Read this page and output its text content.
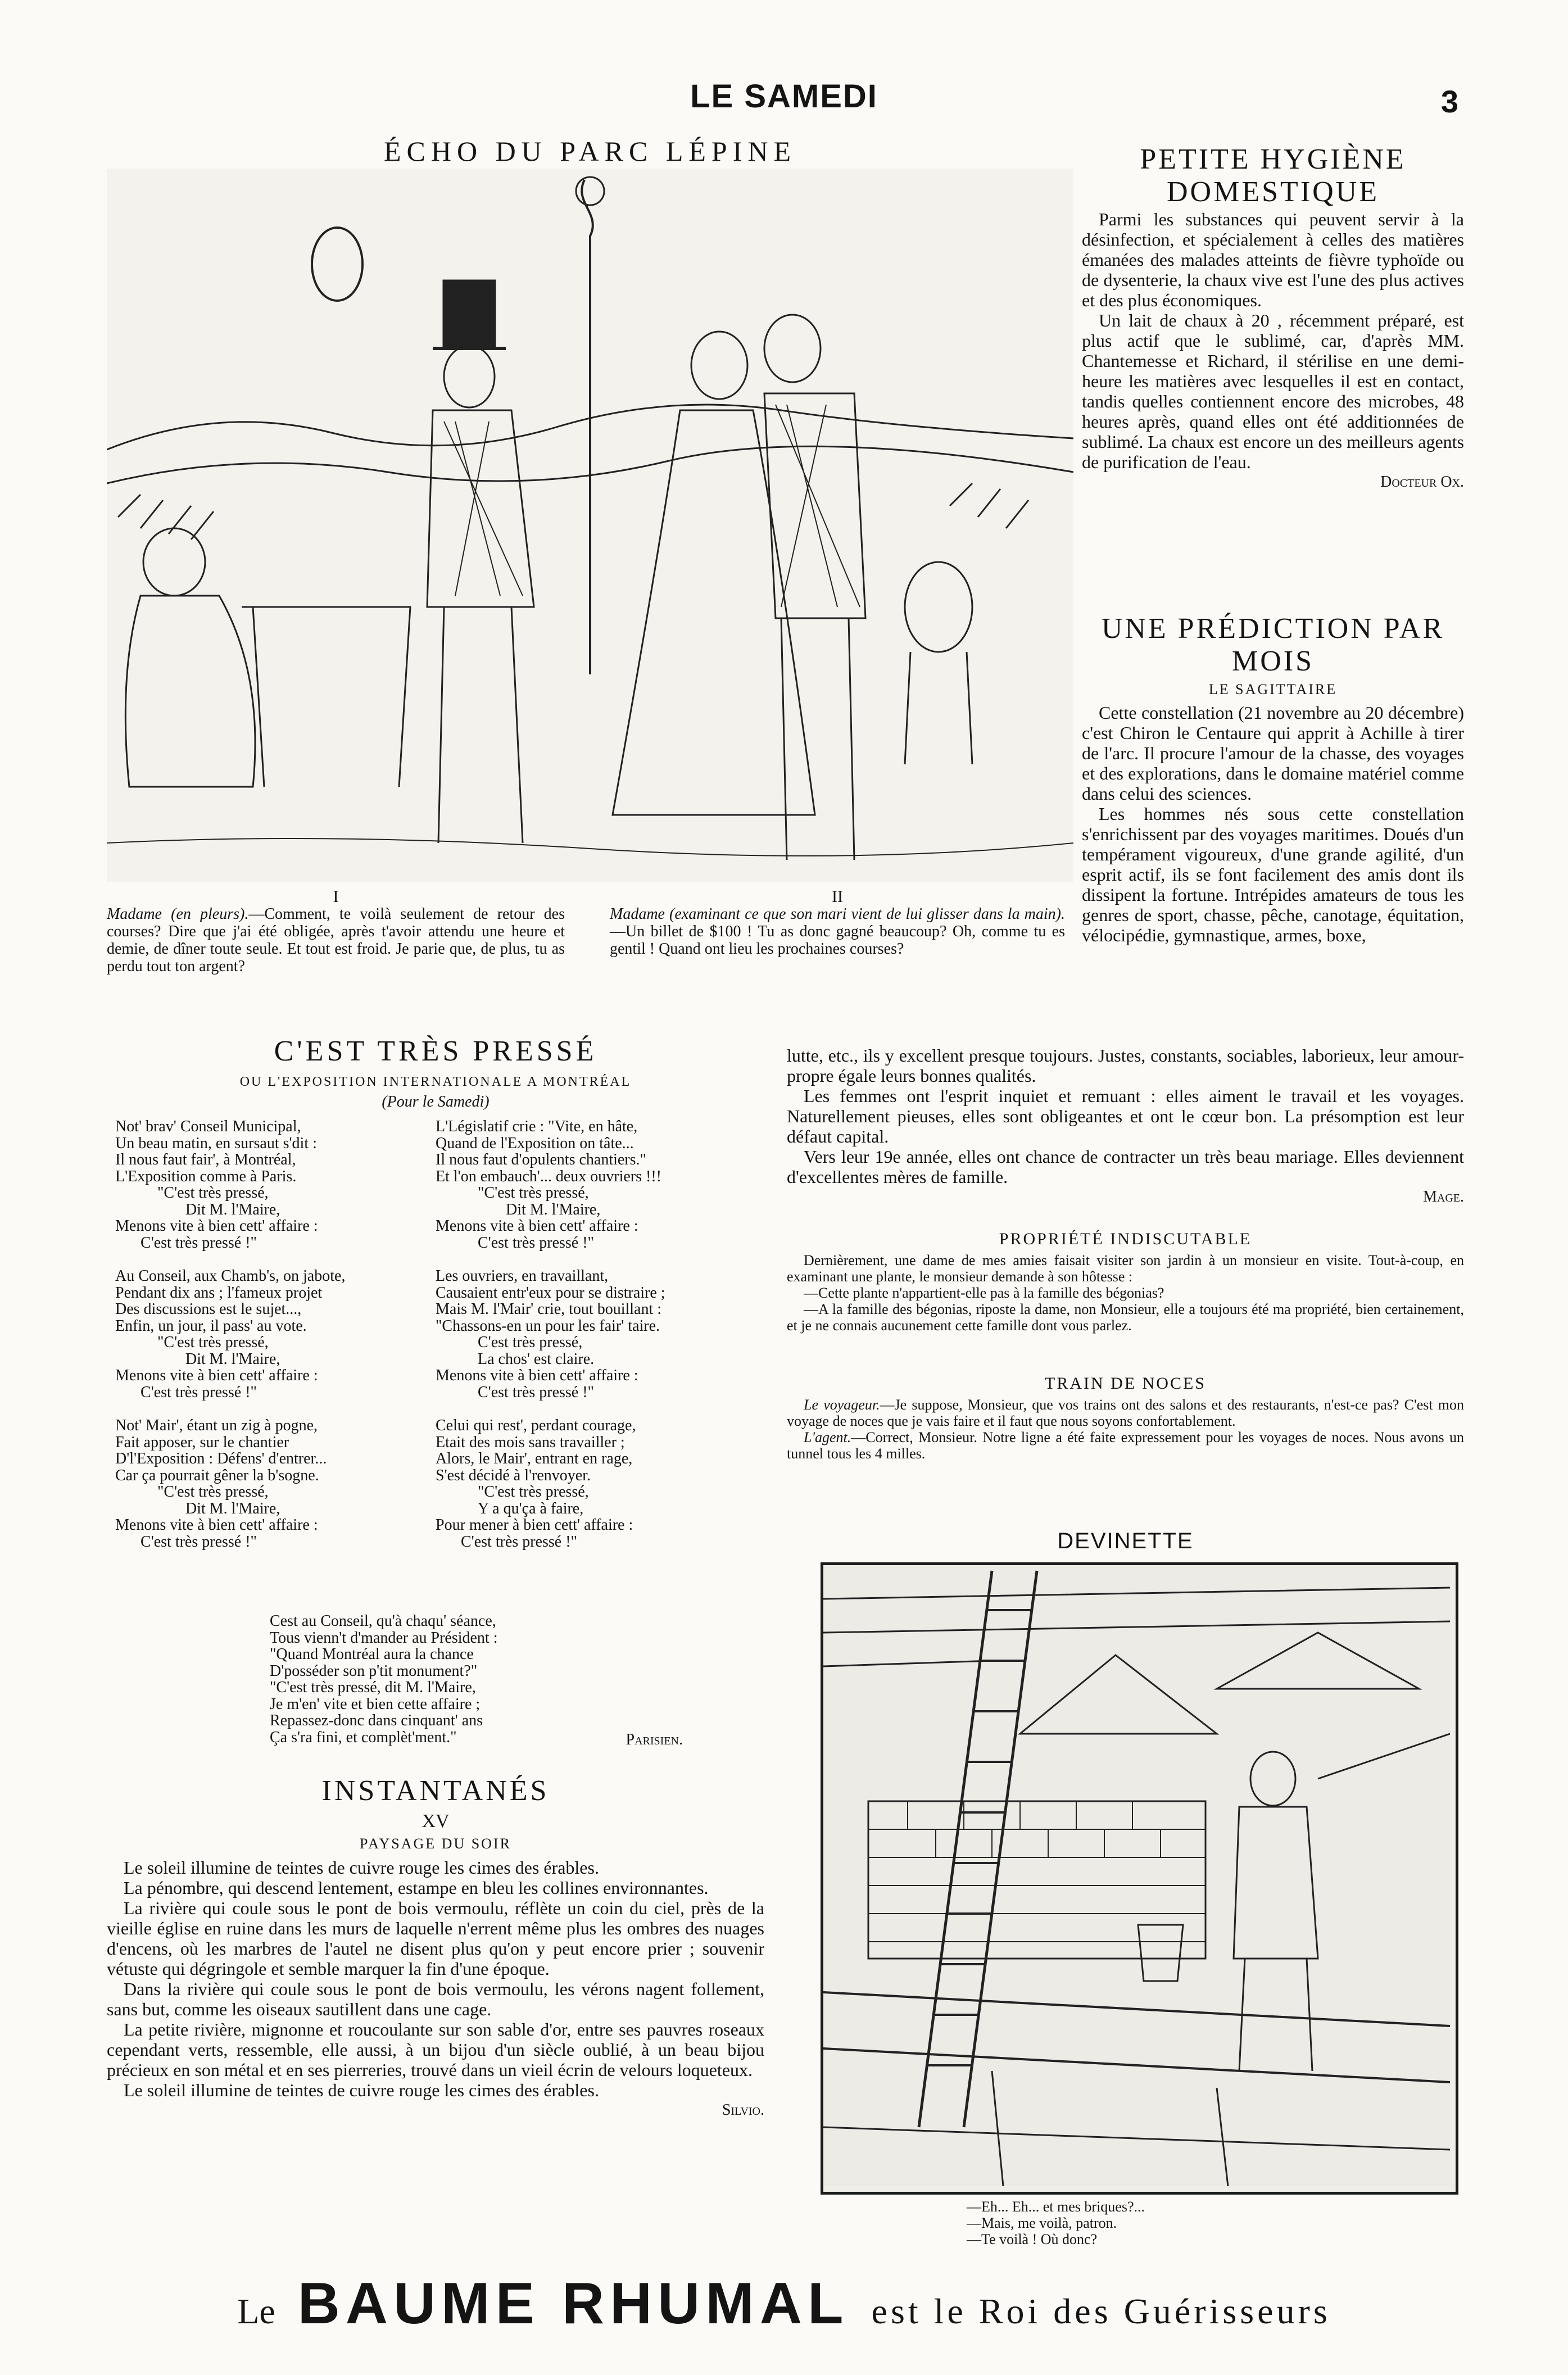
LE SAMEDI	3
ÉCHO DU PARC LÉPINE
I
Madame (en pleurs).—Comment, te voilà seulement de retour des courses? Dire que j'ai été obligée, après t'avoir attendu une heure et demie, de dîner toute seule. Et tout est froid. Je parie que, de plus, tu as perdu tout ton argent?
II
Madame (examinant ce que son mari vient de lui glisser dans la main).—Un billet de $100 ! Tu as donc gagné beaucoup? Oh, comme tu es gentil ! Quand ont lieu les prochaines courses?
PETITE HYGIÈNE
DOMESTIQUE

Parmi les substances qui peuvent servir à la désinfection, et spécialement à celles des matières émanées des malades atteints de fièvre typhoïde ou de dysenterie, la chaux vive est l'une des plus actives et des plus économiques.

Un lait de chaux à 20 , récemment préparé, est plus actif que le sublimé, car, d'après MM. Chantemesse et Richard, il stérilise en une demi-heure les matières avec lesquelles il est en contact, tandis quelles contiennent encore des microbes, 48 heures après, quand elles ont été additionnées de sublimé. La chaux est encore un des meilleurs agents de purification de l'eau.

Docteur Ox.
UNE PRÉDICTION PAR
MOIS
LE SAGITTAIRE

Cette constellation (21 novembre au 20 décembre) c'est Chiron le Centaure qui apprit à Achille à tirer de l'arc. Il procure l'amour de la chasse, des voyages et des explorations, dans le domaine matériel comme dans celui des sciences.

Les hommes nés sous cette constellation s'enrichissent par des voyages maritimes. Doués d'un tempérament vigoureux, d'une grande agilité, d'un esprit actif, ils se font facilement des amis dont ils dissipent la fortune. Intrépides amateurs de tous les genres de sport, chasse, pêche, canotage, équitation, vélocipédie, gymnastique, armes, boxe,

lutte, etc., ils y excellent presque toujours. Justes, constants, sociables, laborieux, leur amour-propre égale leurs bonnes qualités.

Les femmes ont l'esprit inquiet et remuant : elles aiment le travail et les voyages. Naturellement pieuses, elles sont obligeantes et ont le cœur bon. La présomption est leur défaut capital.

Vers leur 19e année, elles ont chance de contracter un très beau mariage. Elles deviennent d'excellentes mères de famille.

Mage.
PROPRIÉTÉ INDISCUTABLE

Dernièrement, une dame de mes amies faisait visiter son jardin à un monsieur en visite. Tout-à-coup, en examinant une plante, le monsieur demande à son hôtesse :

—Cette plante n'appartient-elle pas à la famille des bégonias?

—A la famille des bégonias, riposte la dame, non Monsieur, elle a toujours été ma propriété, bien certainement, et je ne connais aucunement cette famille dont vous parlez.

TRAIN DE NOCES

Le voyageur.—Je suppose, Monsieur, que vos trains ont des salons et des restaurants, n'est-ce pas? C'est mon voyage de noces que je vais faire et il faut que nous soyons confortablement.

L'agent.—Correct, Monsieur. Notre ligne a été faite expressement pour les voyages de noces. Nous avons un tunnel tous les 4 milles.

DEVINETTE
—Eh... Eh... et mes briques?...
—Mais, me voilà, patron.
—Te voilà ! Où donc?
C'EST TRÈS PRESSÉ
OU L'EXPOSITION INTERNATIONALE A MONTRÉAL
(Pour le Samedi)
Not' brav' Conseil Municipal,
Un beau matin, en sursaut s'dit :
Il nous faut fair', à Montréal,
L'Exposition comme à Paris.
"C'est très pressé,
Dit M. l'Maire,
Menons vite à bien cett' affaire :
C'est très pressé !"
Au Conseil, aux Chamb's, on jabote,
Pendant dix ans ; l'fameux projet
Des discussions est le sujet...,
Enfin, un jour, il pass' au vote.
"C'est très pressé,
Dit M. l'Maire,
Menons vite à bien cett' affaire :
C'est très pressé !"
Not' Mair', étant un zig à pogne,
Fait apposer, sur le chantier
D'l'Exposition : Défens' d'entrer...
Car ça pourrait gêner la b'sogne.
"C'est très pressé,
Dit M. l'Maire,
Menons vite à bien cett' affaire :
C'est très pressé !"
L'Législatif crie : "Vite, en hâte,
Quand de l'Exposition on tâte...
Il nous faut d'opulents chantiers."
Et l'on embauch'... deux ouvriers !!!
"C'est très pressé,
Dit M. l'Maire,
Menons vite à bien cett' affaire :
C'est très pressé !"
Les ouvriers, en travaillant,
Causaient entr'eux pour se distraire ;
Mais M. l'Mair' crie, tout bouillant :
"Chassons-en un pour les fair' taire.
C'est très pressé,
La chos' est claire.
Menons vite à bien cett' affaire :
C'est très pressé !"
Celui qui rest', perdant courage,
Etait des mois sans travailler ;
Alors, le Mair', entrant en rage,
S'est décidé à l'renvoyer.
"C'est très pressé,
Y a qu'ça à faire,
Pour mener à bien cett' affaire :
C'est très pressé !"
Cest au Conseil, qu'à chaqu' séance,
Tous vienn't d'mander au Président :
"Quand Montréal aura la chance
D'posséder son p'tit monument?"
"C'est très pressé, dit M. l'Maire,
Je m'en' vite et bien cette affaire ;
Repassez-donc dans cinquant' ans
Ça s'ra fini, et complèt'ment."	Parisien.
INSTANTANÉS
XV
PAYSAGE DU SOIR

Le soleil illumine de teintes de cuivre rouge les cimes des érables.

La pénombre, qui descend lentement, estampe en bleu les collines environnantes.

La rivière qui coule sous le pont de bois vermoulu, réflète un coin du ciel, près de la vieille église en ruine dans les murs de laquelle n'errent même plus les ombres des nuages d'encens, où les marbres de l'autel ne disent plus qu'on y peut encore prier ; souvenir vétuste qui dégringole et semble marquer la fin d'une époque.

Dans la rivière qui coule sous le pont de bois vermoulu, les vérons nagent follement, sans but, comme les oiseaux sautillent dans une cage.

La petite rivière, mignonne et roucoulante sur son sable d'or, entre ses pauvres roseaux cependant verts, ressemble, elle aussi, à un bijou d'un siècle oublié, à un beau bijou précieux en son métal et en ses pierreries, trouvé dans un vieil écrin de velours loqueteux.

Le soleil illumine de teintes de cuivre rouge les cimes des érables.

Silvio.
Le BAUME RHUMAL est le Roi des Guérisseurs
